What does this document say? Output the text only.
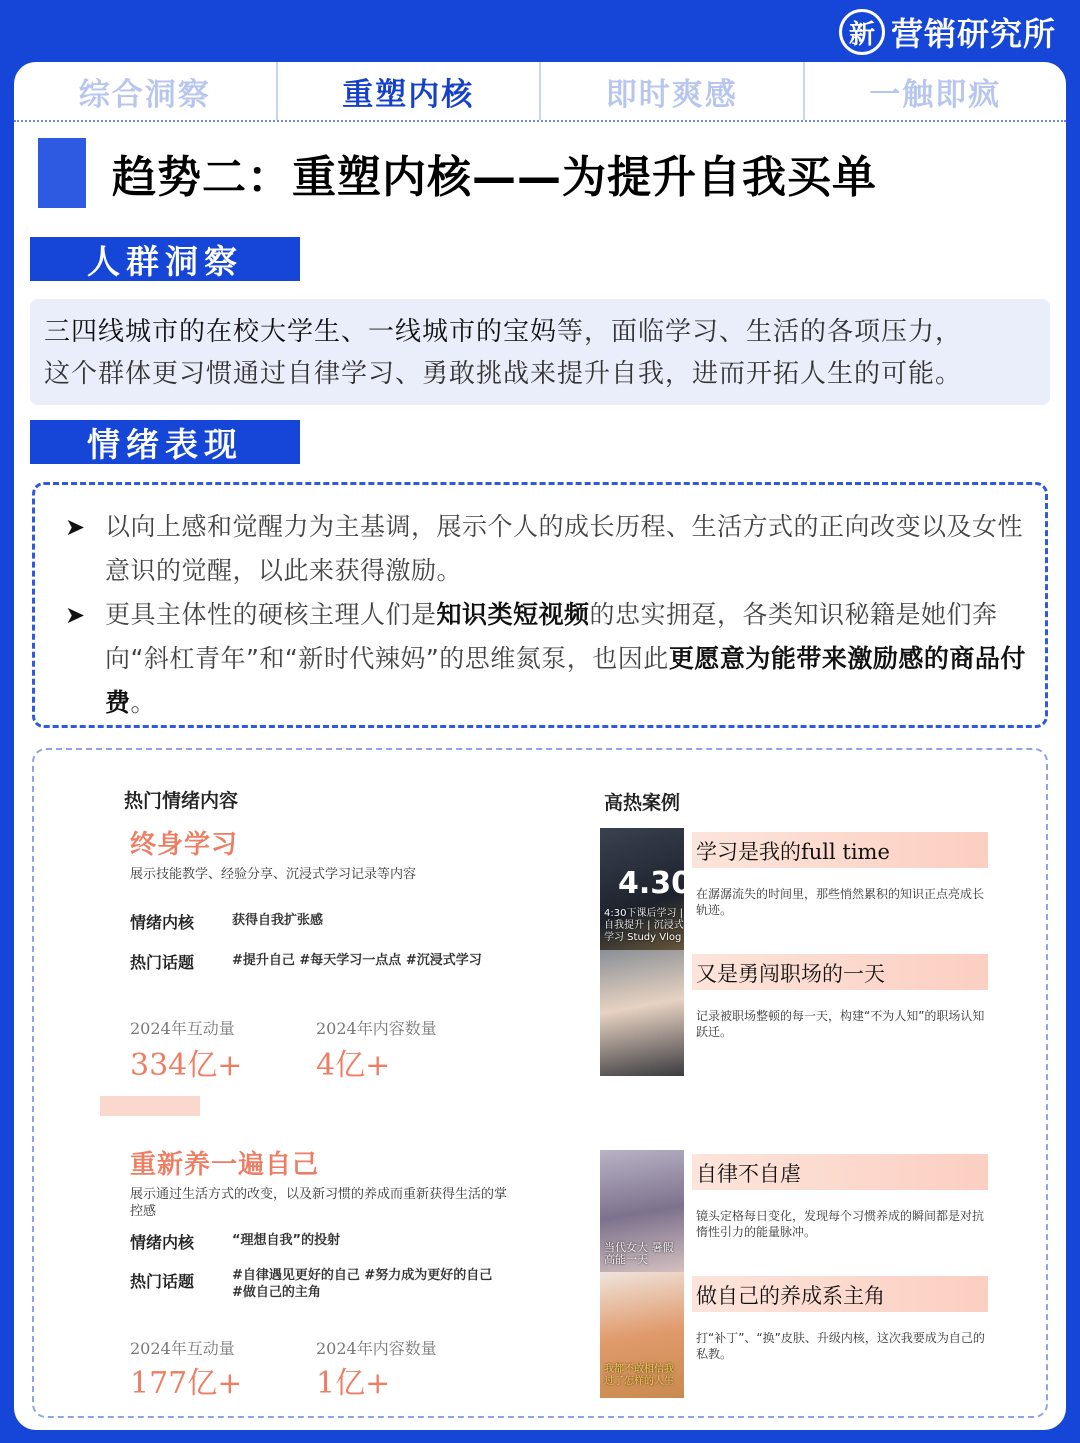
新 营销研究所
综合洞察	重塑内核	即时爽感	一触即疯
趋势二：重塑内核——为提升自我买单
人群洞察
三四线城市的在校大学生、一线城市的宝妈等，面临学习、生活的各项压力，
这个群体更习惯通过自律学习、勇敢挑战来提升自我，进而开拓人生的可能。
情绪表现
➤ 以向上感和觉醒力为主基调，展示个人的成长历程、生活方式的正向改变以及女性意识的觉醒，以此来获得激励。
➤ 更具主体性的硬核主理人们是知识类短视频的忠实拥趸，各类知识秘籍是她们奔向“斜杠青年”和“新时代辣妈”的思维氮泵，也因此更愿意为能带来激励感的商品付费。
热门情绪内容	高热案例
终身学习
展示技能教学、经验分享、沉浸式学习记录等内容
情绪内核	获得自我扩张感
热门话题	#提升自己 #每天学习一点点 #沉浸式学习
2024年互动量
334亿+
2024年内容数量
4亿+
重新养一遍自己
展示通过生活方式的改变，以及新习惯的养成而重新获得生活的掌控感
情绪内核	“理想自我”的投射
热门话题	#自律遇见更好的自己 #努力成为更好的自己 #做自己的主角
2024年互动量
177亿+
2024年内容数量
1亿+
4.30
4:30下课后学习 | 自我提升 | 沉浸式学习 Study Vlog
学习是我的full time
在潺潺流失的时间里，那些悄然累积的知识正点亮成长轨迹。
又是勇闯职场的一天
记录被职场整顿的每一天，构建“不为人知”的职场认知跃迁。
当代女大 暑假高能一天
自律不自虐
镜头定格每日变化，发现每个习惯养成的瞬间都是对抗惰性引力的能量脉冲。
我都不敢相信我 过了怎样的人生
做自己的养成系主角
打“补丁”、“换”皮肤、升级内核，这次我要成为自己的私教。
